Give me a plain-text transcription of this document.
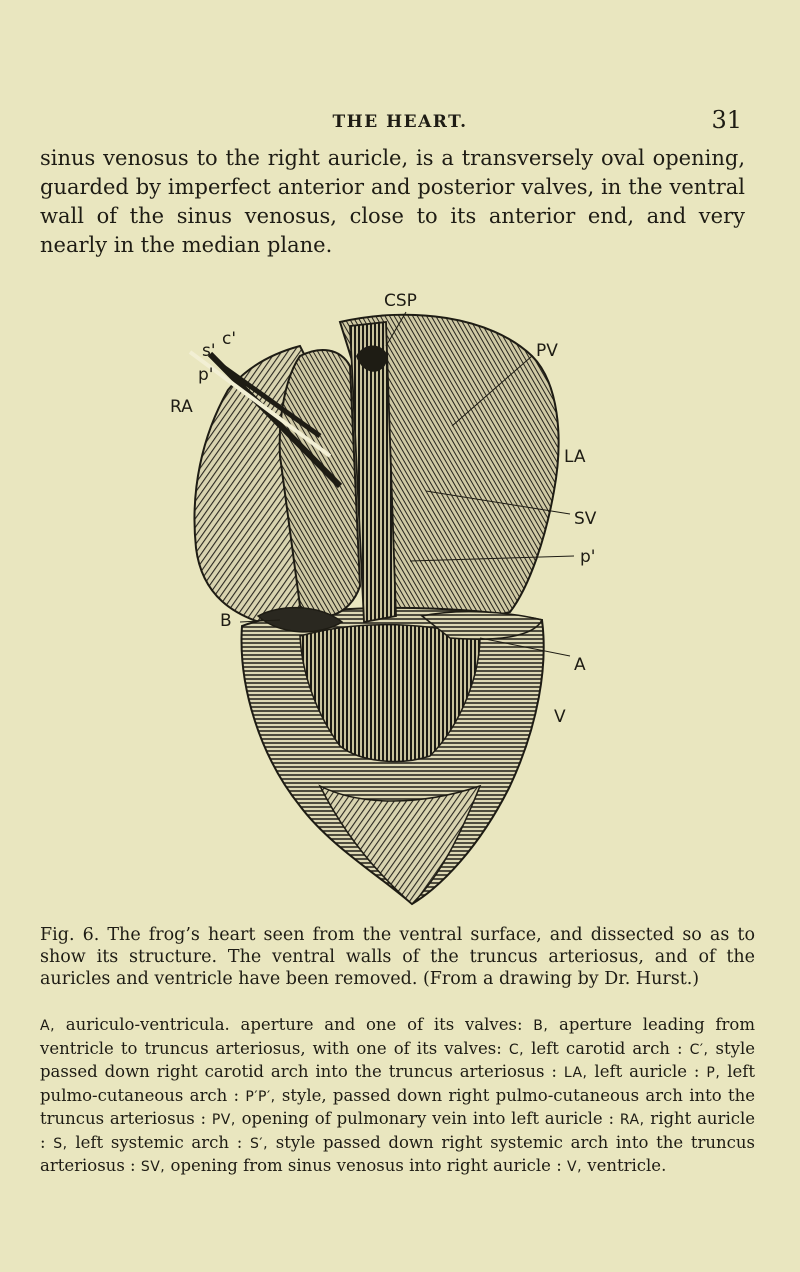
THE HEART.	31
sinus venosus to the right auricle, is a transversely oval opening, guarded by imperfect anterior and posterior valves, in the ventral wall of the sinus venosus, close to its anterior end, and very nearly in the median plane.
CSP
s'
c'
p'
RA
PV
LA
SV
p'
B
A
V
Fig. 6. The frog’s heart seen from the ventral surface, and dissected so as to show its structure. The ventral walls of the truncus arteriosus, and of the auricles and ventricle have been removed. (From a drawing by Dr. Hurst.)
A, auriculo-ventricula. aperture and one of its valves: B, aperture leading from ventricle to truncus arteriosus, with one of its valves: C, left carotid arch : C′, style passed down right carotid arch into the truncus arteriosus : LA, left auricle : P, left pulmo-cutaneous arch : P′P′, style, passed down right pulmo-cutaneous arch into the truncus arteriosus : PV, opening of pulmonary vein into left auricle : RA, right auricle : S, left systemic arch : S′, style passed down right systemic arch into the truncus arteriosus : SV, opening from sinus venosus into right auricle : V, ventricle.
